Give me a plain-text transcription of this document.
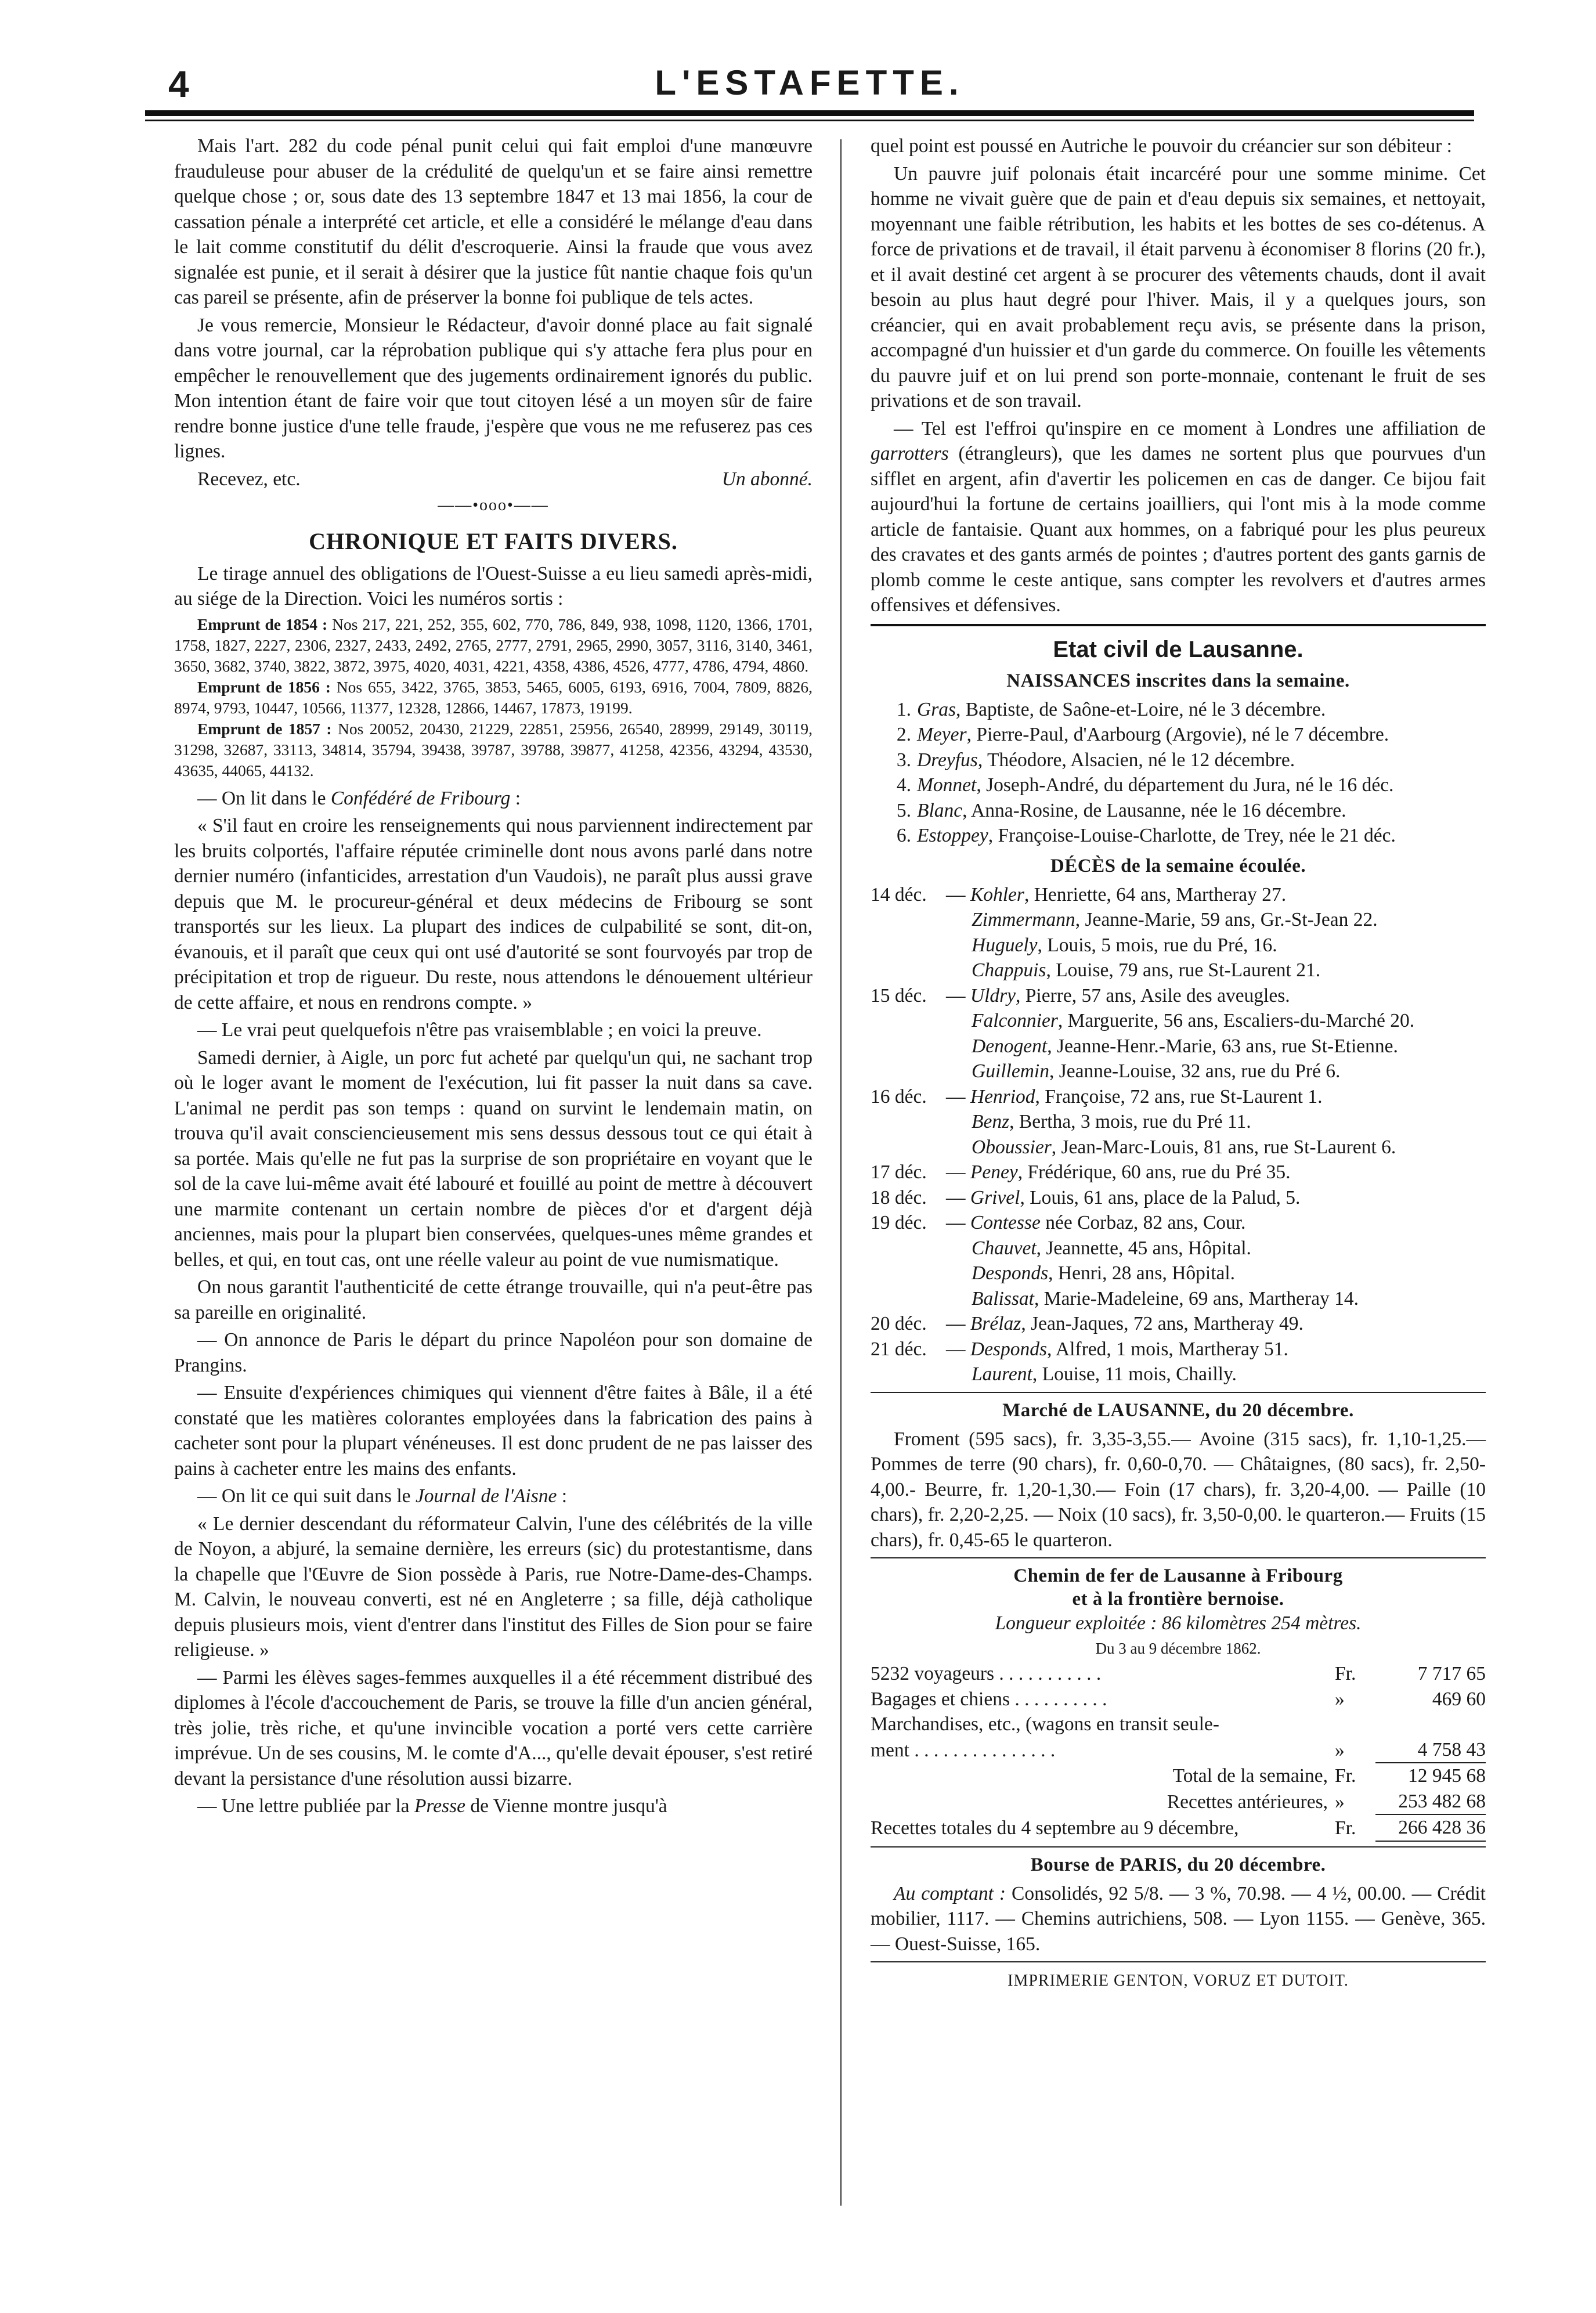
4	L'ESTAFETTE.

Mais l'art. 282 du code pénal punit celui qui fait emploi d'une manœuvre frauduleuse pour abuser de la crédulité de quelqu'un et se faire ainsi remettre quelque chose ; or, sous date des 13 septembre 1847 et 13 mai 1856, la cour de cassation pénale a interprété cet article, et elle a considéré le mélange d'eau dans le lait comme constitutif du délit d'escroquerie. Ainsi la fraude que vous avez signalée est punie, et il serait à désirer que la justice fût nantie chaque fois qu'un cas pareil se présente, afin de préserver la bonne foi publique de tels actes.

Je vous remercie, Monsieur le Rédacteur, d'avoir donné place au fait signalé dans votre journal, car la réprobation publique qui s'y attache fera plus pour en empêcher le renouvellement que des jugements ordinairement ignorés du public. Mon intention étant de faire voir que tout citoyen lésé a un moyen sûr de faire rendre bonne justice d'une telle fraude, j'espère que vous ne me refuserez pas ces lignes.

Recevez, etc.	Un abonné.
——•ooo•——
CHRONIQUE ET FAITS DIVERS.

Le tirage annuel des obligations de l'Ouest-Suisse a eu lieu samedi après-midi, au siége de la Direction. Voici les numéros sortis :

Emprunt de 1854 : Nos 217, 221, 252, 355, 602, 770, 786, 849, 938, 1098, 1120, 1366, 1701, 1758, 1827, 2227, 2306, 2327, 2433, 2492, 2765, 2777, 2791, 2965, 2990, 3057, 3116, 3140, 3461, 3650, 3682, 3740, 3822, 3872, 3975, 4020, 4031, 4221, 4358, 4386, 4526, 4777, 4786, 4794, 4860.

Emprunt de 1856 : Nos 655, 3422, 3765, 3853, 5465, 6005, 6193, 6916, 7004, 7809, 8826, 8974, 9793, 10447, 10566, 11377, 12328, 12866, 14467, 17873, 19199.

Emprunt de 1857 : Nos 20052, 20430, 21229, 22851, 25956, 26540, 28999, 29149, 30119, 31298, 32687, 33113, 34814, 35794, 39438, 39787, 39788, 39877, 41258, 42356, 43294, 43530, 43635, 44065, 44132.

— On lit dans le Confédéré de Fribourg :

« S'il faut en croire les renseignements qui nous parviennent indirectement par les bruits colportés, l'affaire réputée criminelle dont nous avons parlé dans notre dernier numéro (infanticides, arrestation d'un Vaudois), ne paraît plus aussi grave depuis que M. le procureur-général et deux médecins de Fribourg se sont transportés sur les lieux. La plupart des indices de culpabilité se sont, dit-on, évanouis, et il paraît que ceux qui ont usé d'autorité se sont fourvoyés par trop de précipitation et trop de rigueur. Du reste, nous attendons le dénouement ultérieur de cette affaire, et nous en rendrons compte. »

— Le vrai peut quelquefois n'être pas vraisemblable ; en voici la preuve.

Samedi dernier, à Aigle, un porc fut acheté par quelqu'un qui, ne sachant trop où le loger avant le moment de l'exécution, lui fit passer la nuit dans sa cave. L'animal ne perdit pas son temps : quand on survint le lendemain matin, on trouva qu'il avait consciencieusement mis sens dessus dessous tout ce qui était à sa portée. Mais qu'elle ne fut pas la surprise de son propriétaire en voyant que le sol de la cave lui-même avait été labouré et fouillé au point de mettre à découvert une marmite contenant un certain nombre de pièces d'or et d'argent déjà anciennes, mais pour la plupart bien conservées, quelques-unes même grandes et belles, et qui, en tout cas, ont une réelle valeur au point de vue numismatique.

On nous garantit l'authenticité de cette étrange trouvaille, qui n'a peut-être pas sa pareille en originalité.

— On annonce de Paris le départ du prince Napoléon pour son domaine de Prangins.

— Ensuite d'expériences chimiques qui viennent d'être faites à Bâle, il a été constaté que les matières colorantes employées dans la fabrication des pains à cacheter sont pour la plupart vénéneuses. Il est donc prudent de ne pas laisser des pains à cacheter entre les mains des enfants.

— On lit ce qui suit dans le Journal de l'Aisne :

« Le dernier descendant du réformateur Calvin, l'une des célébrités de la ville de Noyon, a abjuré, la semaine dernière, les erreurs (sic) du protestantisme, dans la chapelle que l'Œuvre de Sion possède à Paris, rue Notre-Dame-des-Champs. M. Calvin, le nouveau converti, est né en Angleterre ; sa fille, déjà catholique depuis plusieurs mois, vient d'entrer dans l'institut des Filles de Sion pour se faire religieuse. »

— Parmi les élèves sages-femmes auxquelles il a été récemment distribué des diplomes à l'école d'accouchement de Paris, se trouve la fille d'un ancien général, très jolie, très riche, et qu'une invincible vocation a porté vers cette carrière imprévue. Un de ses cousins, M. le comte d'A..., qu'elle devait épouser, s'est retiré devant la persistance d'une résolution aussi bizarre.

— Une lettre publiée par la Presse de Vienne montre jusqu'à

quel point est poussé en Autriche le pouvoir du créancier sur son débiteur :

Un pauvre juif polonais était incarcéré pour une somme minime. Cet homme ne vivait guère que de pain et d'eau depuis six semaines, et nettoyait, moyennant une faible rétribution, les habits et les bottes de ses co-détenus. A force de privations et de travail, il était parvenu à économiser 8 florins (20 fr.), et il avait destiné cet argent à se procurer des vêtements chauds, dont il avait besoin au plus haut degré pour l'hiver. Mais, il y a quelques jours, son créancier, qui en avait probablement reçu avis, se présente dans la prison, accompagné d'un huissier et d'un garde du commerce. On fouille les vêtements du pauvre juif et on lui prend son porte-monnaie, contenant le fruit de ses privations et de son travail.

— Tel est l'effroi qu'inspire en ce moment à Londres une affiliation de garrotters (étrangleurs), que les dames ne sortent plus que pourvues d'un sifflet en argent, afin d'avertir les policemen en cas de danger. Ce bijou fait aujourd'hui la fortune de certains joailliers, qui l'ont mis à la mode comme article de fantaisie. Quant aux hommes, on a fabriqué pour les plus peureux des cravates et des gants armés de pointes ; d'autres portent des gants garnis de plomb comme le ceste antique, sans compter les revolvers et d'autres armes offensives et défensives.

Etat civil de Lausanne.
NAISSANCES inscrites dans la semaine.
1. Gras, Baptiste, de Saône-et-Loire, né le 3 décembre.
2. Meyer, Pierre-Paul, d'Aarbourg (Argovie), né le 7 décembre.
3. Dreyfus, Théodore, Alsacien, né le 12 décembre.
4. Monnet, Joseph-André, du département du Jura, né le 16 déc.
5. Blanc, Anna-Rosine, de Lausanne, née le 16 décembre.
6. Estoppey, Françoise-Louise-Charlotte, de Trey, née le 21 déc.
DÉCÈS de la semaine écoulée.
14 déc. — Kohler, Henriette, 64 ans, Martheray 27.
Zimmermann, Jeanne-Marie, 59 ans, Gr.-St-Jean 22.
Huguely, Louis, 5 mois, rue du Pré, 16.
Chappuis, Louise, 79 ans, rue St-Laurent 21.
15 déc. — Uldry, Pierre, 57 ans, Asile des aveugles.
Falconnier, Marguerite, 56 ans, Escaliers-du-Marché 20.
Denogent, Jeanne-Henr.-Marie, 63 ans, rue St-Etienne.
Guillemin, Jeanne-Louise, 32 ans, rue du Pré 6.
16 déc. — Henriod, Françoise, 72 ans, rue St-Laurent 1.
Benz, Bertha, 3 mois, rue du Pré 11.
Oboussier, Jean-Marc-Louis, 81 ans, rue St-Laurent 6.
17 déc. — Peney, Frédérique, 60 ans, rue du Pré 35.
18 déc. — Grivel, Louis, 61 ans, place de la Palud, 5.
19 déc. — Contesse née Corbaz, 82 ans, Cour.
Chauvet, Jeannette, 45 ans, Hôpital.
Desponds, Henri, 28 ans, Hôpital.
Balissat, Marie-Madeleine, 69 ans, Martheray 14.
20 déc. — Brélaz, Jean-Jaques, 72 ans, Martheray 49.
21 déc. — Desponds, Alfred, 1 mois, Martheray 51.
Laurent, Louise, 11 mois, Chailly.
Marché de LAUSANNE, du 20 décembre.

Froment (595 sacs), fr. 3,35-3,55.— Avoine (315 sacs), fr. 1,10-1,25.— Pommes de terre (90 chars), fr. 0,60-0,70. — Châtaignes, (80 sacs), fr. 2,50-4,00.- Beurre, fr. 1,20-1,30.— Foin (17 chars), fr. 3,20-4,00. — Paille (10 chars), fr. 2,20-2,25. — Noix (10 sacs), fr. 3,50-0,00. le quarteron.— Fruits (15 chars), fr. 0,45-65 le quarteron.

Chemin de fer de Lausanne à Fribourg
et à la frontière bernoise.
Longueur exploitée : 86 kilomètres 254 mètres.
Du 3 au 9 décembre 1862.
5232 voyageurs . . . . . . . . . . .	Fr.	7 717 65
Bagages et chiens . . . . . . . . . .	»	469 60
Marchandises, etc., (wagons en transit seule-		
ment . . . . . . . . . . . . . . .	»	4 758 43
Total de la semaine,	Fr.	12 945 68
Recettes antérieures,	»	253 482 68
Recettes totales du 4 septembre au 9 décembre,	Fr.	266 428 36
Bourse de PARIS, du 20 décembre.

Au comptant : Consolidés, 92 5/8. — 3 %, 70.98. — 4 ½, 00.00. — Crédit mobilier, 1117. — Chemins autrichiens, 508. — Lyon 1155. — Genève, 365. — Ouest-Suisse, 165.

IMPRIMERIE GENTON, VORUZ ET DUTOIT.
